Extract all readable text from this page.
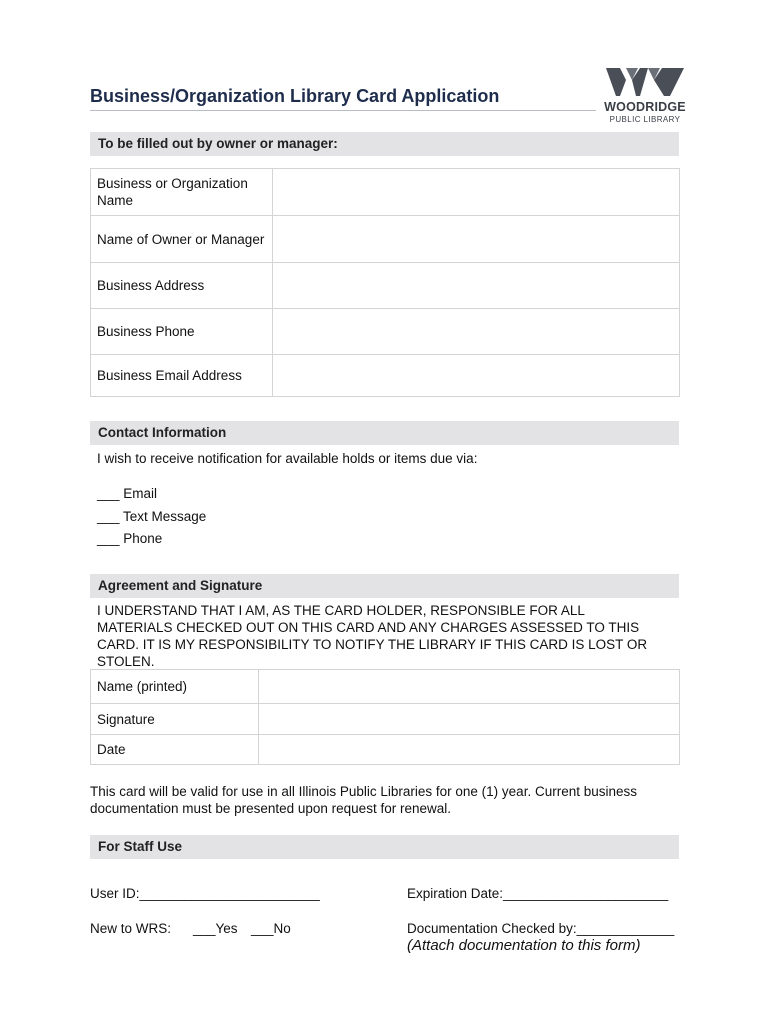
Business/Organization Library Card Application
WOODRIDGE
PUBLIC LIBRARY
To be filled out by owner or manager:
Business or Organization Name	
Name of Owner or Manager	
Business Address	
Business Phone	
Business Email Address	
Contact Information
I wish to receive notification for available holds or items due via:
___ Email
___ Text Message
___ Phone
Agreement and Signature
I UNDERSTAND THAT I AM, AS THE CARD HOLDER, RESPONSIBLE FOR ALL MATERIALS CHECKED OUT ON THIS CARD AND ANY CHARGES ASSESSED TO THIS CARD. IT IS MY RESPONSIBILITY TO NOTIFY THE LIBRARY IF THIS CARD IS LOST OR STOLEN.
Name (printed)	
Signature	
Date	
This card will be valid for use in all Illinois Public Libraries for one (1) year. Current business documentation must be presented upon request for renewal.
For Staff Use
User ID:________________________	Expiration Date:______________________
New to WRS: ___Yes ___No	Documentation Checked by:_____________
(Attach documentation to this form)
